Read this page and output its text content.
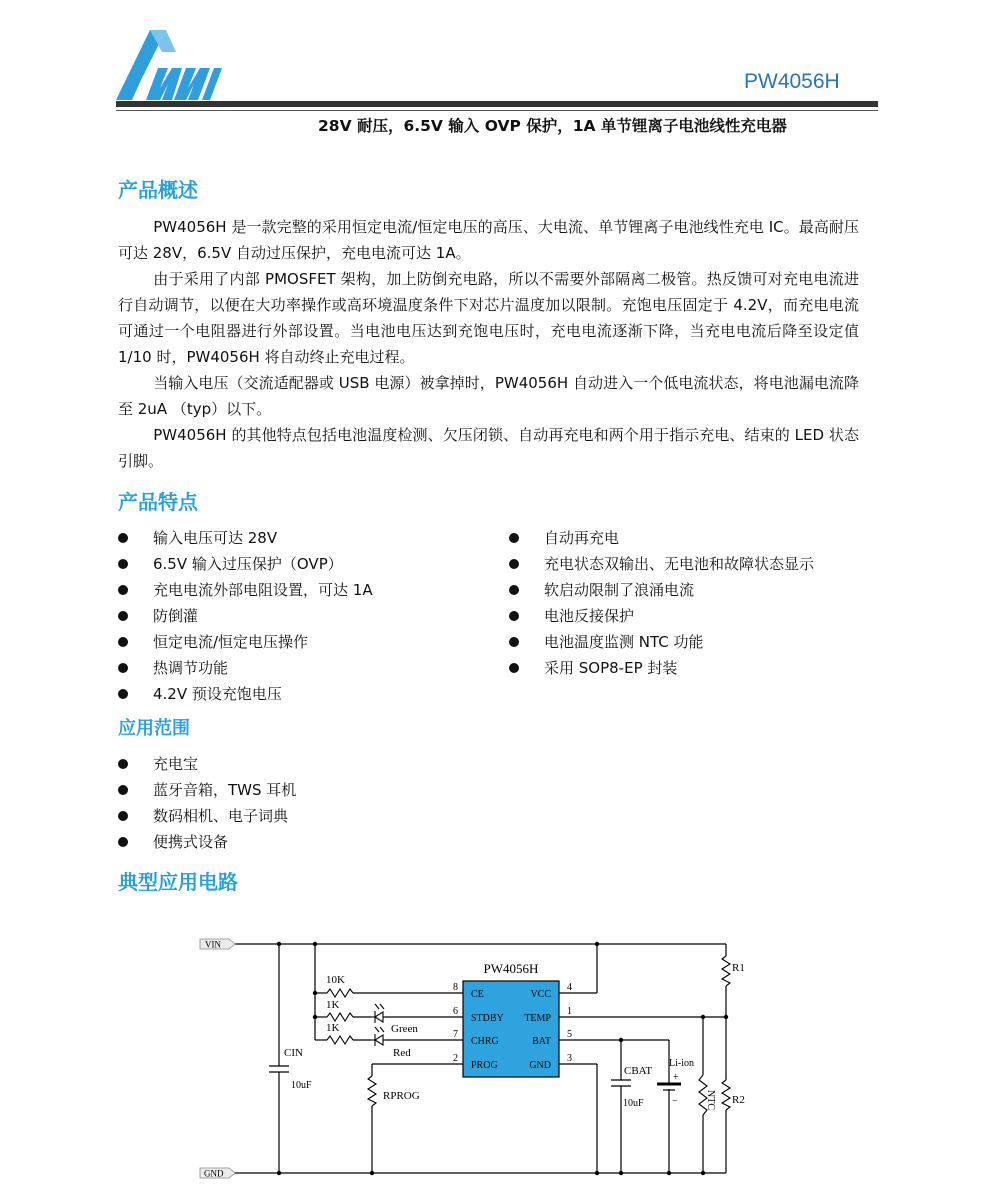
PW4056H
28V 耐压，6.5V 输入 OVP 保护，1A 单节锂离子电池线性充电器
产品概述

PW4056H 是一款完整的采用恒定电流/恒定电压的高压、大电流、单节锂离子电池线性充电 IC。最高耐压可达 28V，6.5V 自动过压保护，充电电流可达 1A。

由于采用了内部 PMOSFET 架构，加上防倒充电路，所以不需要外部隔离二极管。热反馈可对充电电流进行自动调节，以便在大功率操作或高环境温度条件下对芯片温度加以限制。充饱电压固定于 4.2V，而充电电流可通过一个电阻器进行外部设置。当电池电压达到充饱电压时，充电电流逐渐下降，当充电电流后降至设定值 1/10 时，PW4056H 将自动终止充电过程。

当输入电压（交流适配器或 USB 电源）被拿掉时，PW4056H 自动进入一个低电流状态，将电池漏电流降至 2uA （typ）以下。

PW4056H 的其他特点包括电池温度检测、欠压闭锁、自动再充电和两个用于指示充电、结束的 LED 状态引脚。

产品特点
输入电压可达 28V
6.5V 输入过压保护（OVP）
充电电流外部电阻设置，可达 1A
防倒灌
恒定电流/恒定电压操作
热调节功能
4.2V 预设充饱电压
自动再充电
充电状态双输出、无电池和故障状态显示
软启动限制了浪涌电流
电池反接保护
电池温度监测 NTC 功能
采用 SOP8-EP 封装
应用范围
充电宝
蓝牙音箱，TWS 耳机
数码相机、电子词典
便携式设备
典型应用电路
VIN
GND
PW4056H
CE
STDBY
CHRG
PROG
VCC
TEMP
BAT
GND
8
6
7
2
4
1
5
3
10K
1K
1K	Green
Red
CIN
10uF
RPROG
CBAT
10uF
Li-ion
+
−	NTC
R1
R2
